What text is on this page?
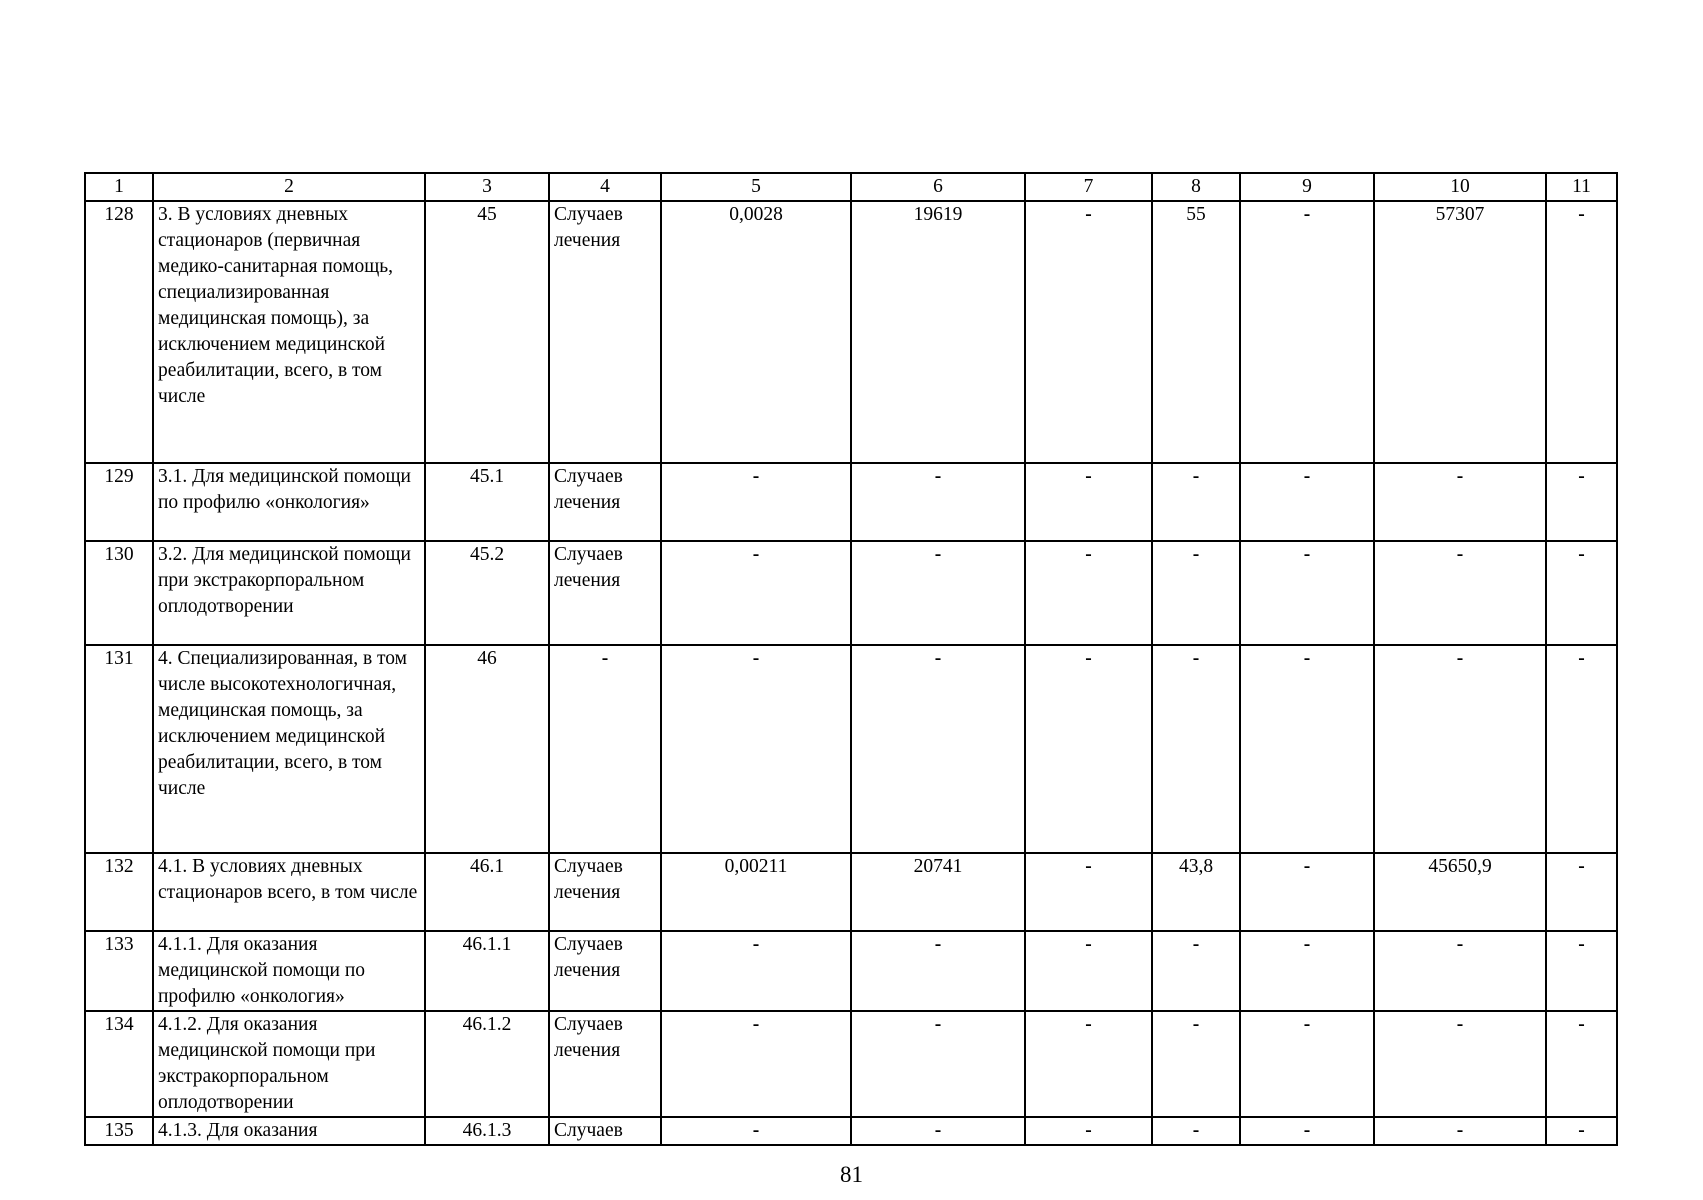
1	2	3	4	5	6	7	8	9	10	11
128	3. В условиях дневных стационаров (первичная медико-санитарная помощь, специализированная медицинская помощь), за исключением медицинской реабилитации, всего, в том числе	45	Случаев лечения	0,0028	19619	-	55	-	57307	-
129	3.1. Для медицинской помощи по профилю «онкология»	45.1	Случаев лечения	-	-	-	-	-	-	-
130	3.2. Для медицинской помощи при экстракорпоральном оплодотворении	45.2	Случаев лечения	-	-	-	-	-	-	-
131	4. Специализированная, в том числе высокотехнологичная, медицинская помощь, за исключением медицинской реабилитации, всего, в том числе	46	-	-	-	-	-	-	-	-
132	4.1. В условиях дневных стационаров всего, в том числе	46.1	Случаев лечения	0,00211	20741	-	43,8	-	45650,9	-
133	4.1.1. Для оказания медицинской помощи по профилю «онкология»	46.1.1	Случаев лечения	-	-	-	-	-	-	-
134	4.1.2. Для оказания медицинской помощи при экстракорпоральном оплодотворении	46.1.2	Случаев лечения	-	-	-	-	-	-	-
135	4.1.3. Для оказания	46.1.3	Случаев	-	-	-	-	-	-	-
81
